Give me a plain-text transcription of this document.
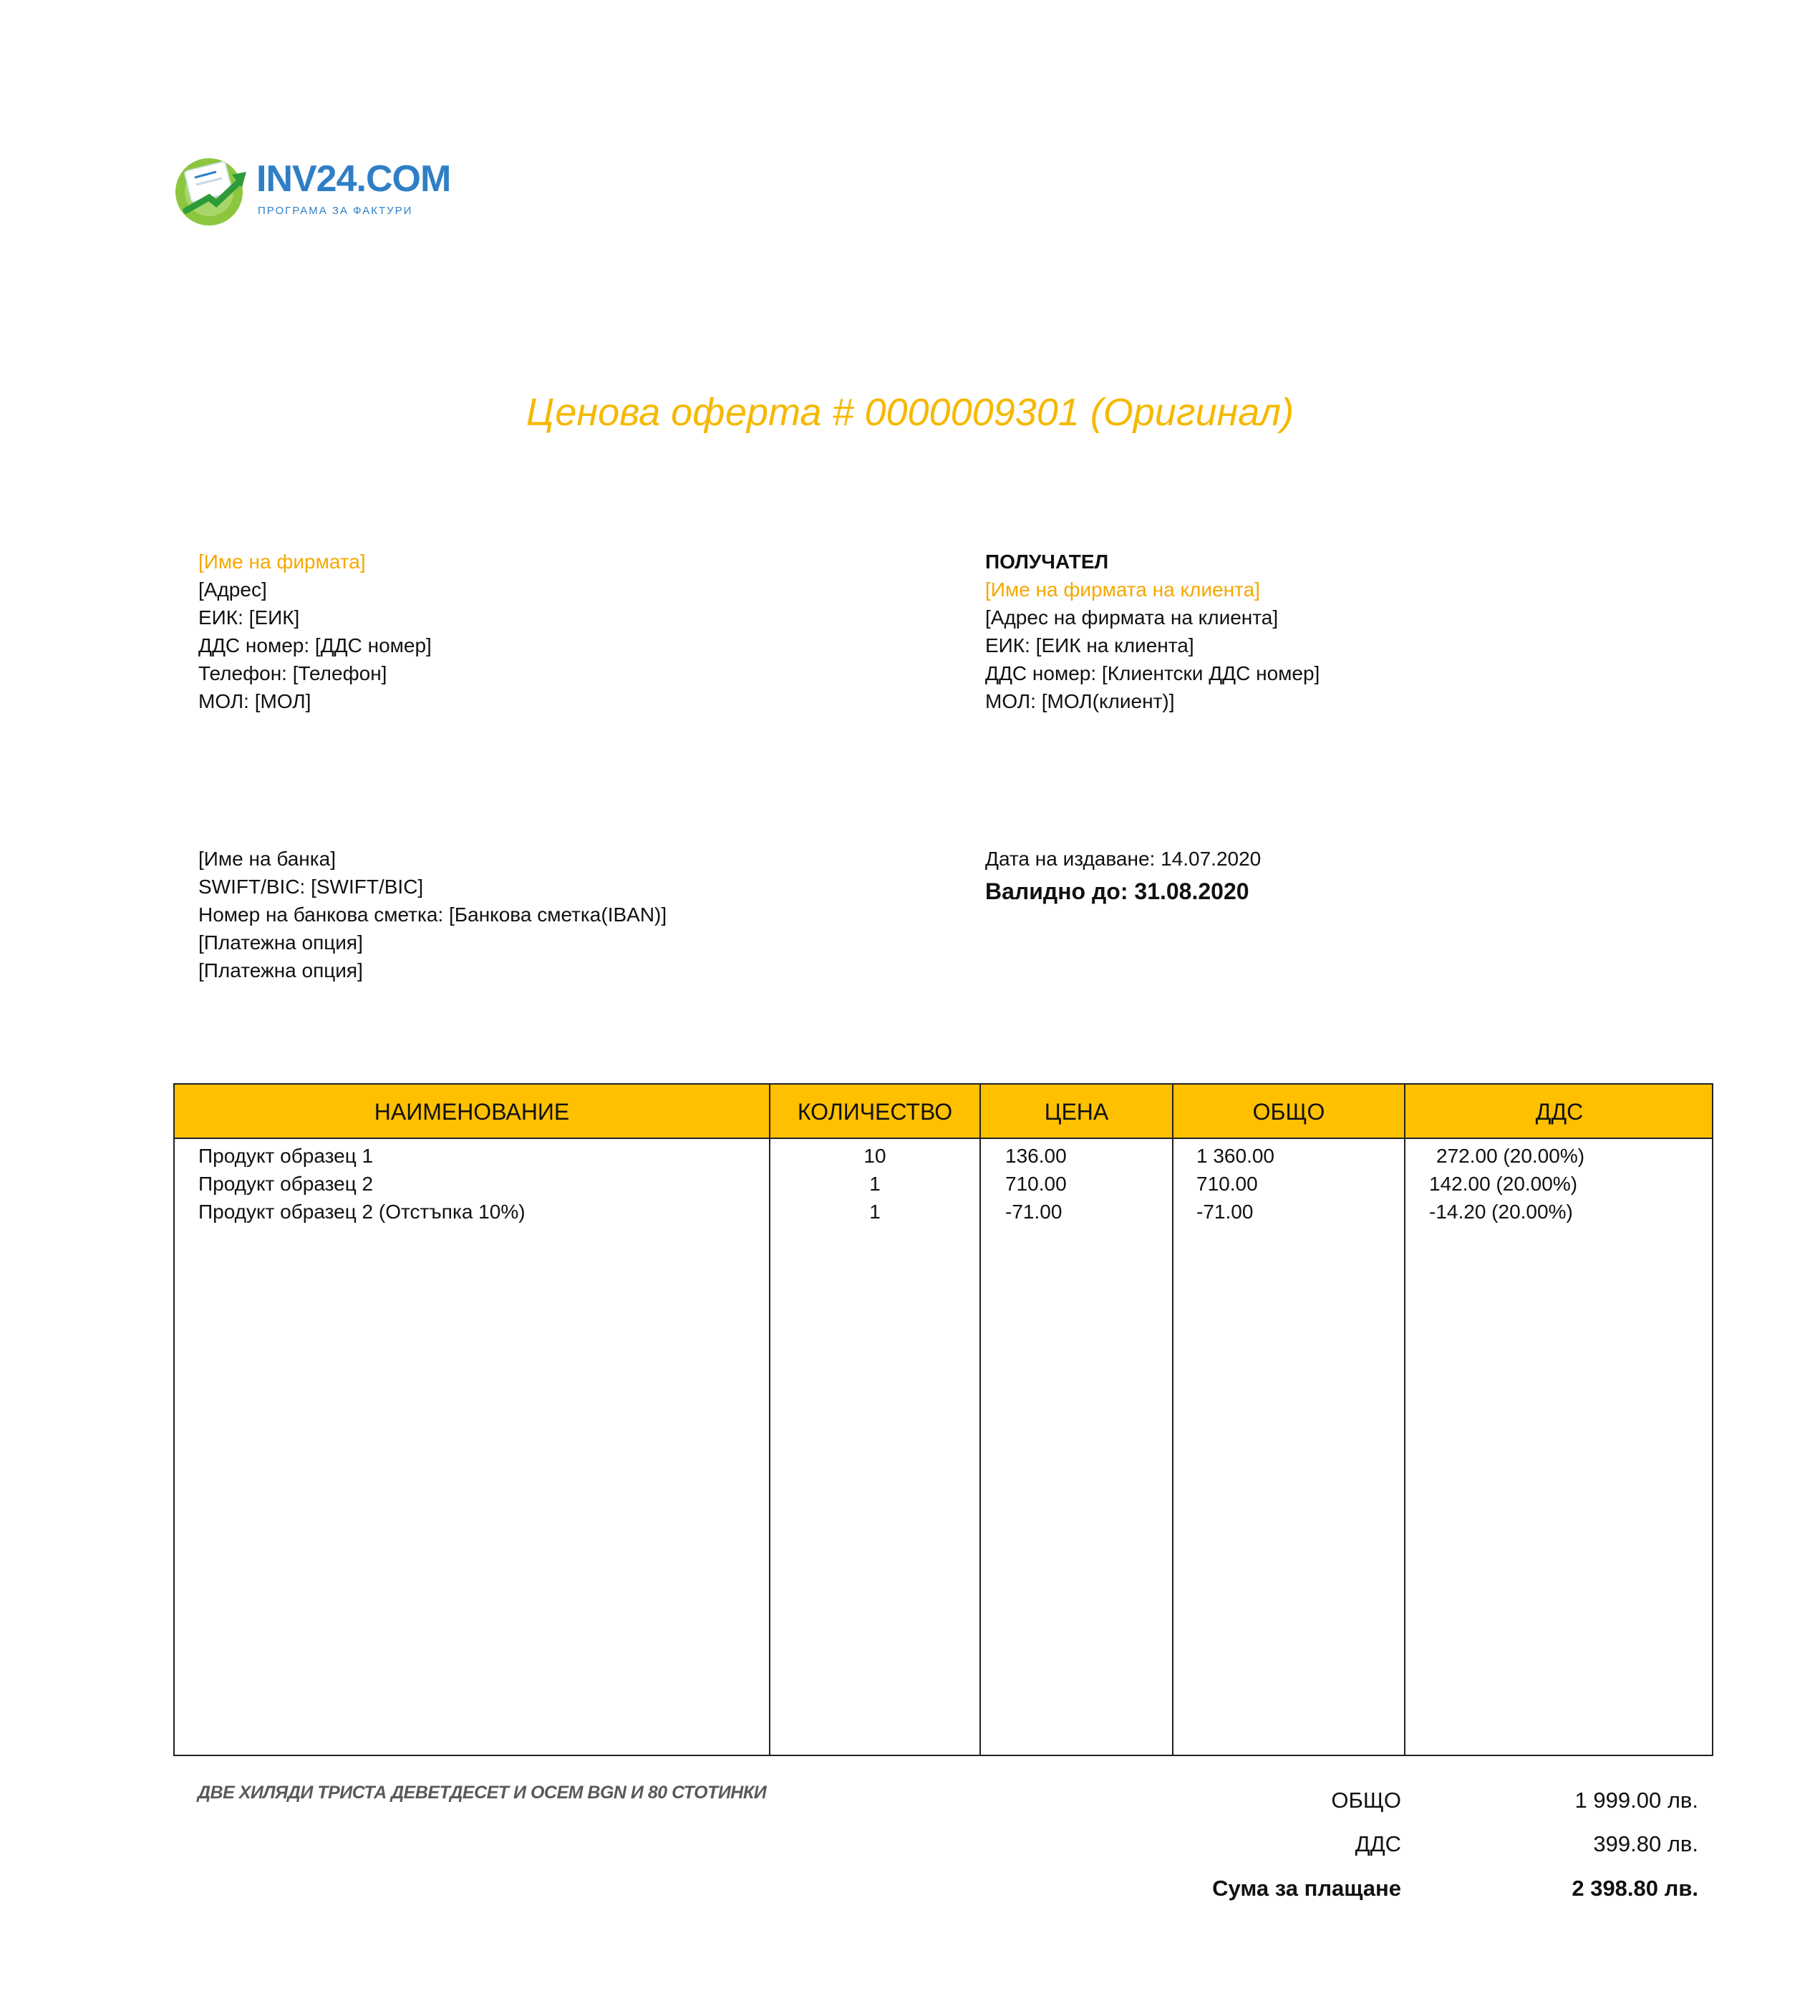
INV24.COM
ПРОГРАМА ЗА ФАКТУРИ
Ценова оферта # 0000009301 (Оригинал)
[Име на фирмата]
[Адрес]
ЕИК: [ЕИК]
ДДС номер: [ДДС номер]
Телефон: [Телефон]
МОЛ: [МОЛ]
ПОЛУЧАТЕЛ
[Име на фирмата на клиента]
[Адрес на фирмата на клиента]
ЕИК: [ЕИК на клиента]
ДДС номер: [Клиентски ДДС номер]
МОЛ: [МОЛ(клиент)]
[Име на банка]
SWIFT/BIC: [SWIFT/BIC]
Номер на банкова сметка: [Банкова сметка(IBAN)]
[Платежна опция]
[Платежна опция]
Дата на издаване: 14.07.2020
Валидно до: 31.08.2020
НАИМЕНОВАНИЕ	КОЛИЧЕСТВО	ЦЕНА	ОБЩО	ДДС
Продукт образец 1	10	136.00	1 360.00	272.00 (20.00%)
Продукт образец 2	1	710.00	710.00	142.00 (20.00%)
Продукт образец 2 (Отстъпка 10%)	1	-71.00	-71.00	-14.20 (20.00%)
ДВЕ ХИЛЯДИ ТРИСТА ДЕВЕТДЕСЕТ И ОСЕМ BGN И 80 СТОТИНКИ	ОБЩО	1 999.00 лв.
ДДС	399.80 лв.
Сума за плащане	2 398.80 лв.
